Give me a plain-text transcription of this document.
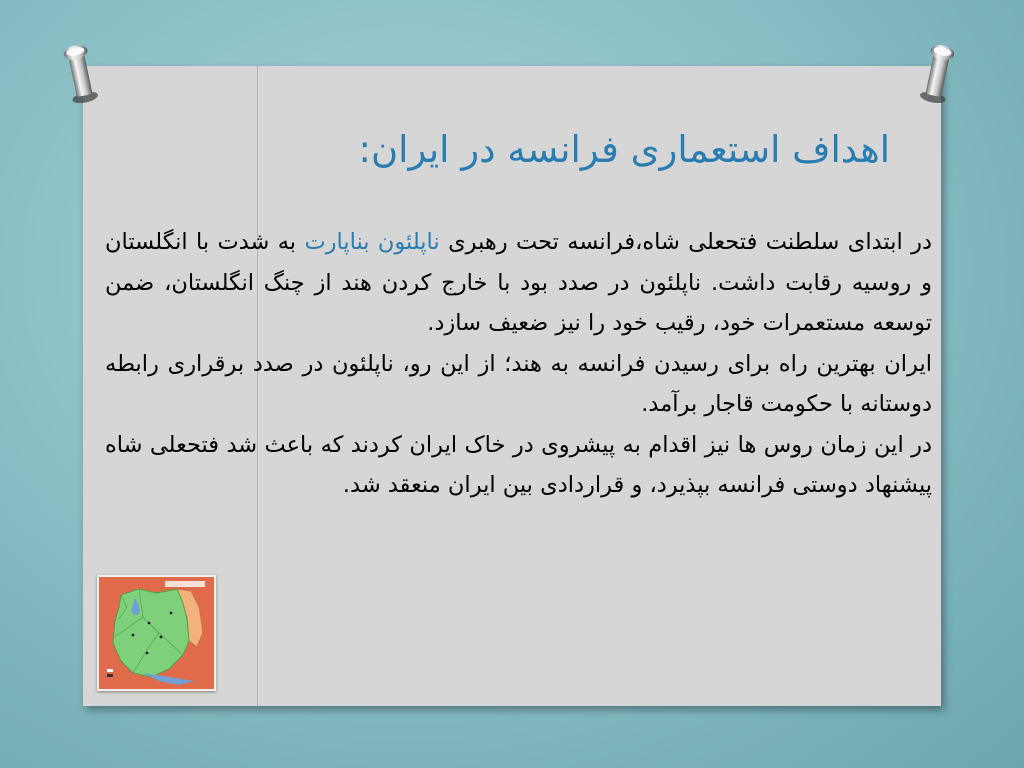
اهداف استعماری فرانسه در ایران:

در ابتدای سلطنت فتحعلی شاه،فرانسه تحت رهبری ناپلئون بناپارت به شدت با انگلستان و روسیه رقابت داشت. ناپلئون در صدد بود با خارج کردن هند از چنگ انگلستان، ضمن توسعه مستعمرات خود، رقیب خود را نیز ضعیف سازد.

ایران بهترین راه برای رسیدن فرانسه به هند؛ از این رو، ناپلئون در صدد برقراری رابطه دوستانه با حکومت قاجار برآمد.

در این زمان روس ها نیز اقدام به پیشروی در خاک ایران کردند که باعث شد فتحعلی شاه پیشنهاد دوستی فرانسه بپذیرد، و قراردادی بین ایران منعقد شد.
